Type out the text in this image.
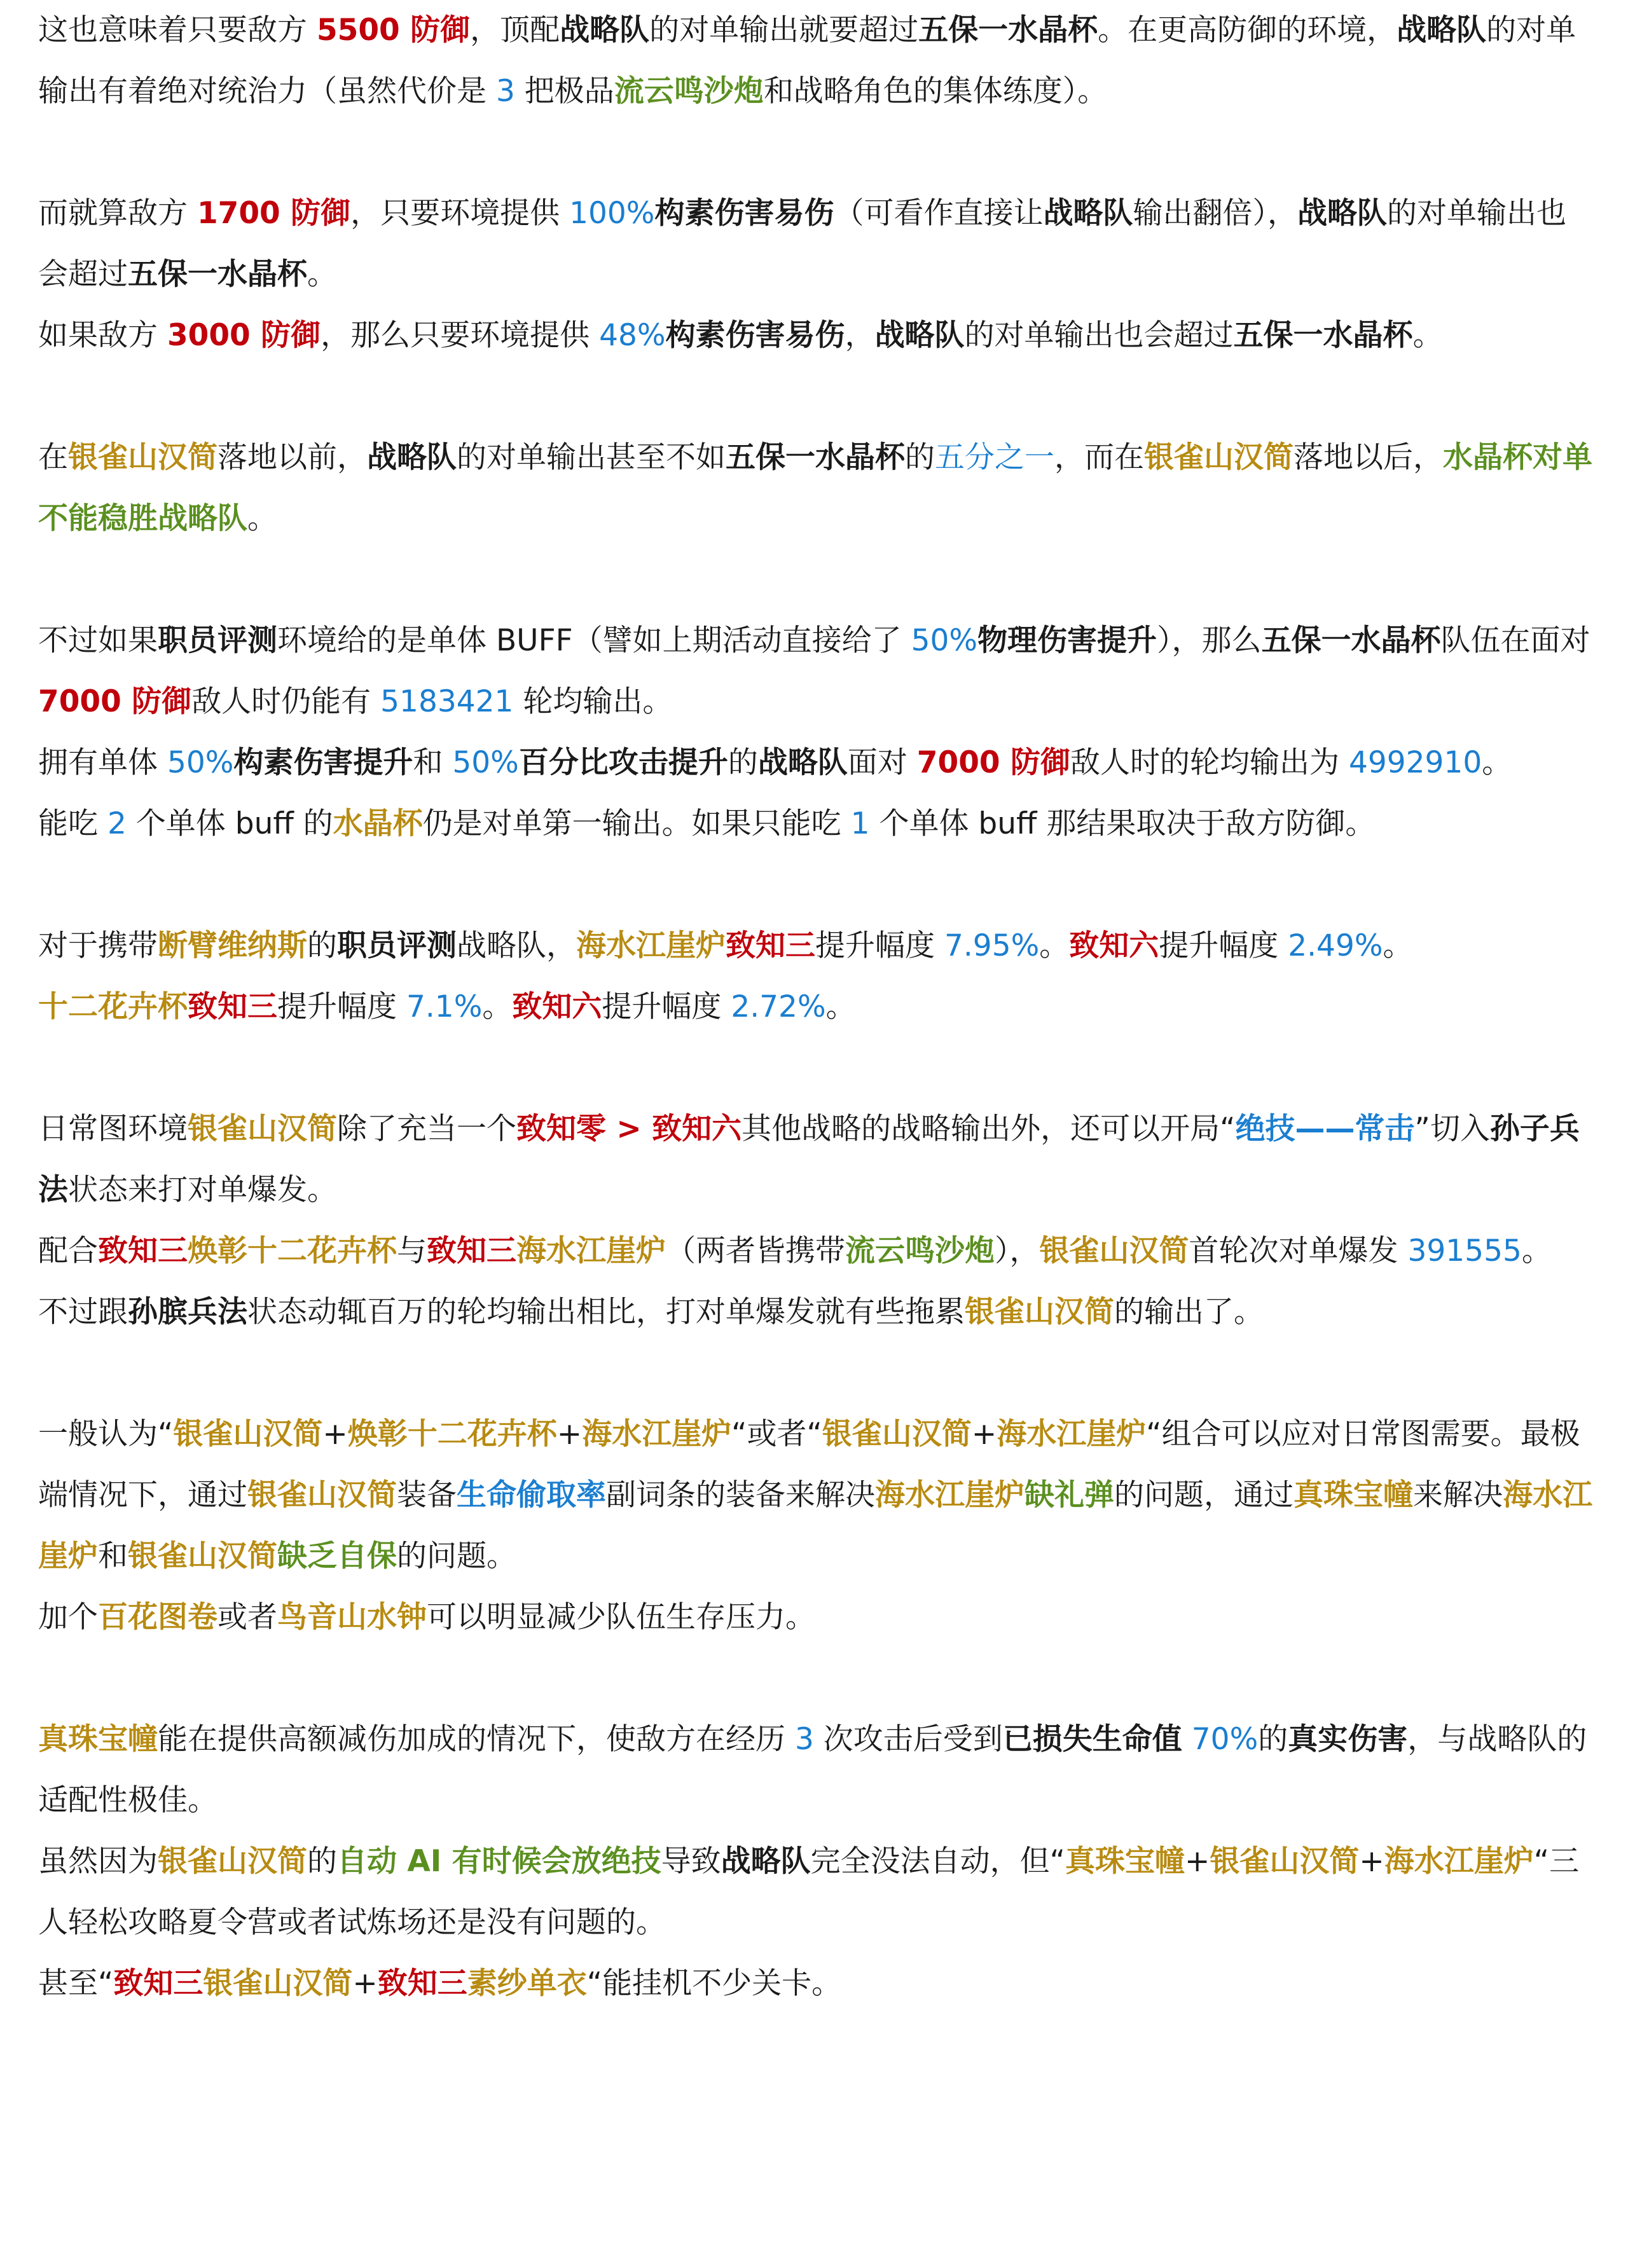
这也意味着只要敌方 5500 防御，顶配战略队的对单输出就要超过五保一水晶杯。在更高防御的环境，战略队的对单输出有着绝对统治力（虽然代价是 3 把极品流云鸣沙炮和战略角色的集体练度）。

而就算敌方 1700 防御，只要环境提供 100%构素伤害易伤（可看作直接让战略队输出翻倍），战略队的对单输出也会超过五保一水晶杯。

如果敌方 3000 防御，那么只要环境提供 48%构素伤害易伤，战略队的对单输出也会超过五保一水晶杯。

在银雀山汉简落地以前，战略队的对单输出甚至不如五保一水晶杯的五分之一，而在银雀山汉简落地以后，水晶杯对单不能稳胜战略队。

不过如果职员评测环境给的是单体 BUFF（譬如上期活动直接给了 50%物理伤害提升），那么五保一水晶杯队伍在面对 7000 防御敌人时仍能有 5183421 轮均输出。

拥有单体 50%构素伤害提升和 50%百分比攻击提升的战略队面对 7000 防御敌人时的轮均输出为 4992910。

能吃 2 个单体 buff 的水晶杯仍是对单第一输出。如果只能吃 1 个单体 buff 那结果取决于敌方防御。

对于携带断臂维纳斯的职员评测战略队，海水江崖炉致知三提升幅度 7.95%。致知六提升幅度 2.49%。

十二花卉杯致知三提升幅度 7.1%。致知六提升幅度 2.72%。

日常图环境银雀山汉简除了充当一个致知零 > 致知六其他战略的战略输出外，还可以开局“绝技——常击”切入孙子兵法状态来打对单爆发。

配合致知三焕彰十二花卉杯与致知三海水江崖炉（两者皆携带流云鸣沙炮），银雀山汉简首轮次对单爆发 391555。

不过跟孙膑兵法状态动辄百万的轮均输出相比，打对单爆发就有些拖累银雀山汉简的输出了。

一般认为“银雀山汉简+焕彰十二花卉杯+海水江崖炉“或者“银雀山汉简+海水江崖炉“组合可以应对日常图需要。最极端情况下，通过银雀山汉简装备生命偷取率副词条的装备来解决海水江崖炉缺礼弹的问题，通过真珠宝幢来解决海水江崖炉和银雀山汉简缺乏自保的问题。

加个百花图卷或者鸟音山水钟可以明显减少队伍生存压力。

真珠宝幢能在提供高额减伤加成的情况下，使敌方在经历 3 次攻击后受到已损失生命值 70%的真实伤害，与战略队的适配性极佳。

虽然因为银雀山汉简的自动 AI 有时候会放绝技导致战略队完全没法自动，但“真珠宝幢+银雀山汉简+海水江崖炉“三人轻松攻略夏令营或者试炼场还是没有问题的。

甚至“致知三银雀山汉简+致知三素纱单衣“能挂机不少关卡。
